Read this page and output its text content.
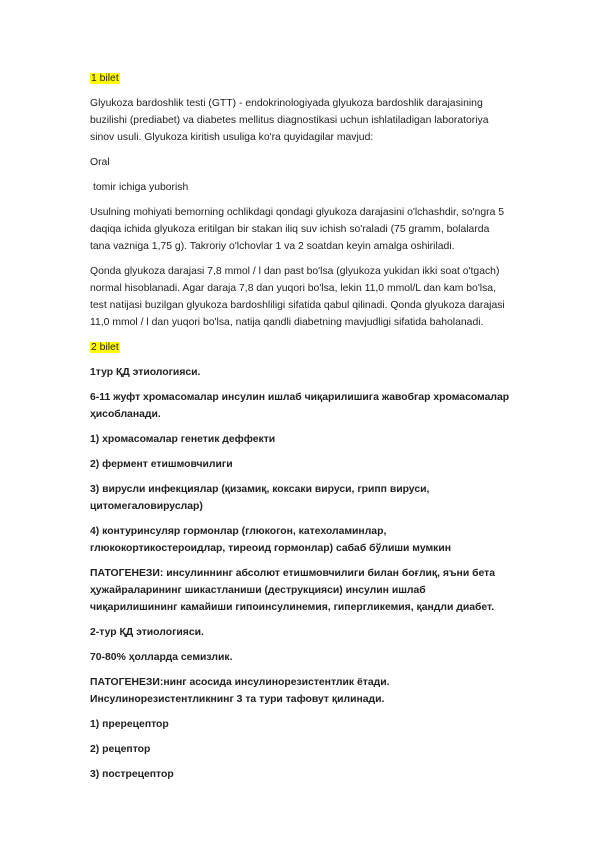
1 bilet

Glyukoza bardoshlik testi (GTT) - endokrinologiyada glyukoza bardoshlik darajasining buzilishi (prediabet) va diabetes mellitus diagnostikasi uchun ishlatiladigan laboratoriya sinov usuli. Glyukoza kiritish usuliga ko'ra quyidagilar mavjud:

Oral

tomir ichiga yuborish

Usulning mohiyati bemorning ochlikdagi qondagi glyukoza darajasini o'lchashdir, so'ngra 5 daqiqa ichida glyukoza eritilgan bir stakan iliq suv ichish so'raladi (75 gramm, bolalarda tana vazniga 1,75 g). Takroriy o'lchovlar 1 va 2 soatdan keyin amalga oshiriladi.

Qonda glyukoza darajasi 7,8 mmol / l dan past bo'lsa (glyukoza yukidan ikki soat o'tgach) normal hisoblanadi. Agar daraja 7,8 dan yuqori bo'lsa, lekin 11,0 mmol/L dan kam bo'lsa, test natijasi buzilgan glyukoza bardoshliligi sifatida qabul qilinadi. Qonda glyukoza darajasi 11,0 mmol / l dan yuqori bo'lsa, natija qandli diabetning mavjudligi sifatida baholanadi.

2 bilet

1тур ҚД этиологияси.

6-11 жуфт хромасомалар инсулин ишлаб чиқарилишига жавобгар хромасомалар ҳисобланади.

1) хромасомалар генетик деффекти

2) фермент етишмовчилиги

3) вирусли инфекциялар (қизамиқ, коксаки вируси, грипп вируси, цитомегаловируслар)

4) контуринсуляр гормонлар (глюкогон, катехоламинлар, глюкокортикостероидлар, тиреоид гормонлар) сабаб бўлиши мумкин

ПАТОГЕНЕЗИ: инсулиннинг абсолют етишмовчилиги билан боғлиқ, яъни бета ҳужайраларининг шикастланиши (деструкцияси) инсулин ишлаб чиқарилишининг камайиши гипоинсулинемия, гипергликемия, қандли диабет.

2-тур ҚД этиологияси.

70-80% ҳолларда семизлик.

ПАТОГЕНЕЗИ:нинг асосида инсулинорезистентлик ётади. Инсулинорезистентликнинг 3 та тури тафовут қилинади.

1) пререцептор

2) рецептор

3) пострецептор
